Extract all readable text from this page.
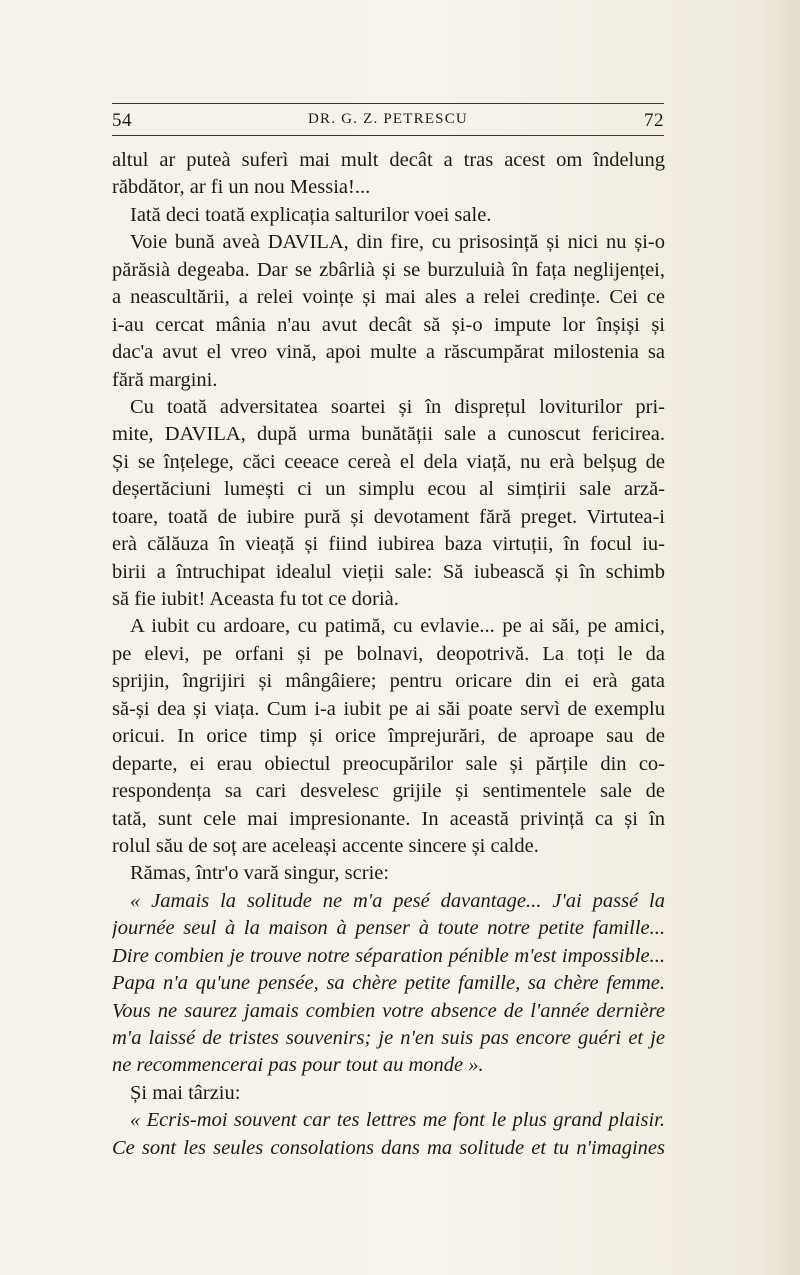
54	DR. G. Z. PETRESCU	72
altul ar puteà suferì mai mult decât a tras acest om îndelung
răbdător, ar fi un nou Messia!...
Iată deci toată explicația salturilor voei sale.
Voie bună aveà DAVILA, din fire, cu prisosință și nici nu și-o
părăsià degeaba. Dar se zbârlià și se burzuluià în fața neglijenței,
a neascultării, a relei voințe și mai ales a relei credințe. Cei ce
i-au cercat mânia n'au avut decât să și-o impute lor înșiși și
dac'a avut el vreo vină, apoi multe a răscumpărat milostenia sa
fără margini.
Cu toată adversitatea soartei și în disprețul loviturilor pri-
mite, DAVILA, după urma bunătății sale a cunoscut fericirea.
Și se înțelege, căci ceeace cereà el dela viață, nu erà belșug de
deșertăciuni lumești ci un simplu ecou al simțirii sale arză-
toare, toată de iubire pură și devotament fără preget. Virtutea-i
erà călăuza în vieață și fiind iubirea baza virtuții, în focul iu-
birii a întruchipat idealul vieții sale: Să iubească și în schimb
să fie iubit! Aceasta fu tot ce dorià.
A iubit cu ardoare, cu patimă, cu evlavie... pe ai săi, pe amici,
pe elevi, pe orfani și pe bolnavi, deopotrivă. La toți le da
sprijin, îngrijiri și mângâiere; pentru oricare din ei erà gata
să-și dea și viața. Cum i-a iubit pe ai săi poate servì de exemplu
oricui. In orice timp și orice împrejurări, de aproape sau de
departe, ei erau obiectul preocupărilor sale și părțile din co-
respondența sa cari desvelesc grijile și sentimentele sale de
tată, sunt cele mai impresionante. In această privință ca și în
rolul său de soț are aceleași accente sincere și calde.
Rămas, într'o vară singur, scrie:
« Jamais la solitude ne m'a pesé davantage... J'ai passé la
journée seul à la maison à penser à toute notre petite famille...
Dire combien je trouve notre séparation pénible m'est impossible...
Papa n'a qu'une pensée, sa chère petite famille, sa chère femme.
Vous ne saurez jamais combien votre absence de l'année dernière
m'a laissé de tristes souvenirs; je n'en suis pas encore guéri et je
ne recommencerai pas pour tout au monde ».
Și mai târziu:
« Ecris-moi souvent car tes lettres me font le plus grand plaisir.
Ce sont les seules consolations dans ma solitude et tu n'imagines
